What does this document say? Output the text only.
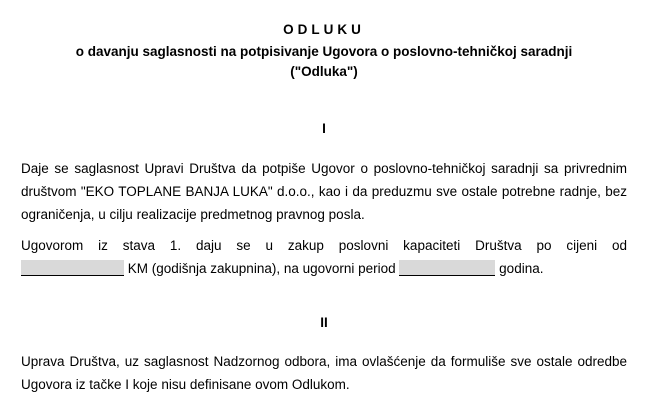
ODLUKU
o davanju saglasnosti na potpisivanje Ugovora o poslovno-tehničkoj saradnji
("Odluka")
I
Daje se saglasnost Upravi Društva da potpiše Ugovor o poslovno-tehničkoj saradnji sa privrednim društvom "EKO TOPLANE BANJA LUKA" d.o.o., kao i da preduzmu sve ostale potrebne radnje, bez ograničenja, u cilju realizacije predmetnog pravnog posla.
Ugovorom iz stava 1. daju se u zakup poslovni kapaciteti Društva po cijeni od
KM (godišnja zakupnina), na ugovorni period	godina.
II
Uprava Društva, uz saglasnost Nadzornog odbora, ima ovlašćenje da formuliše sve ostale odredbe Ugovora iz tačke I koje nisu definisane ovom Odlukom.
